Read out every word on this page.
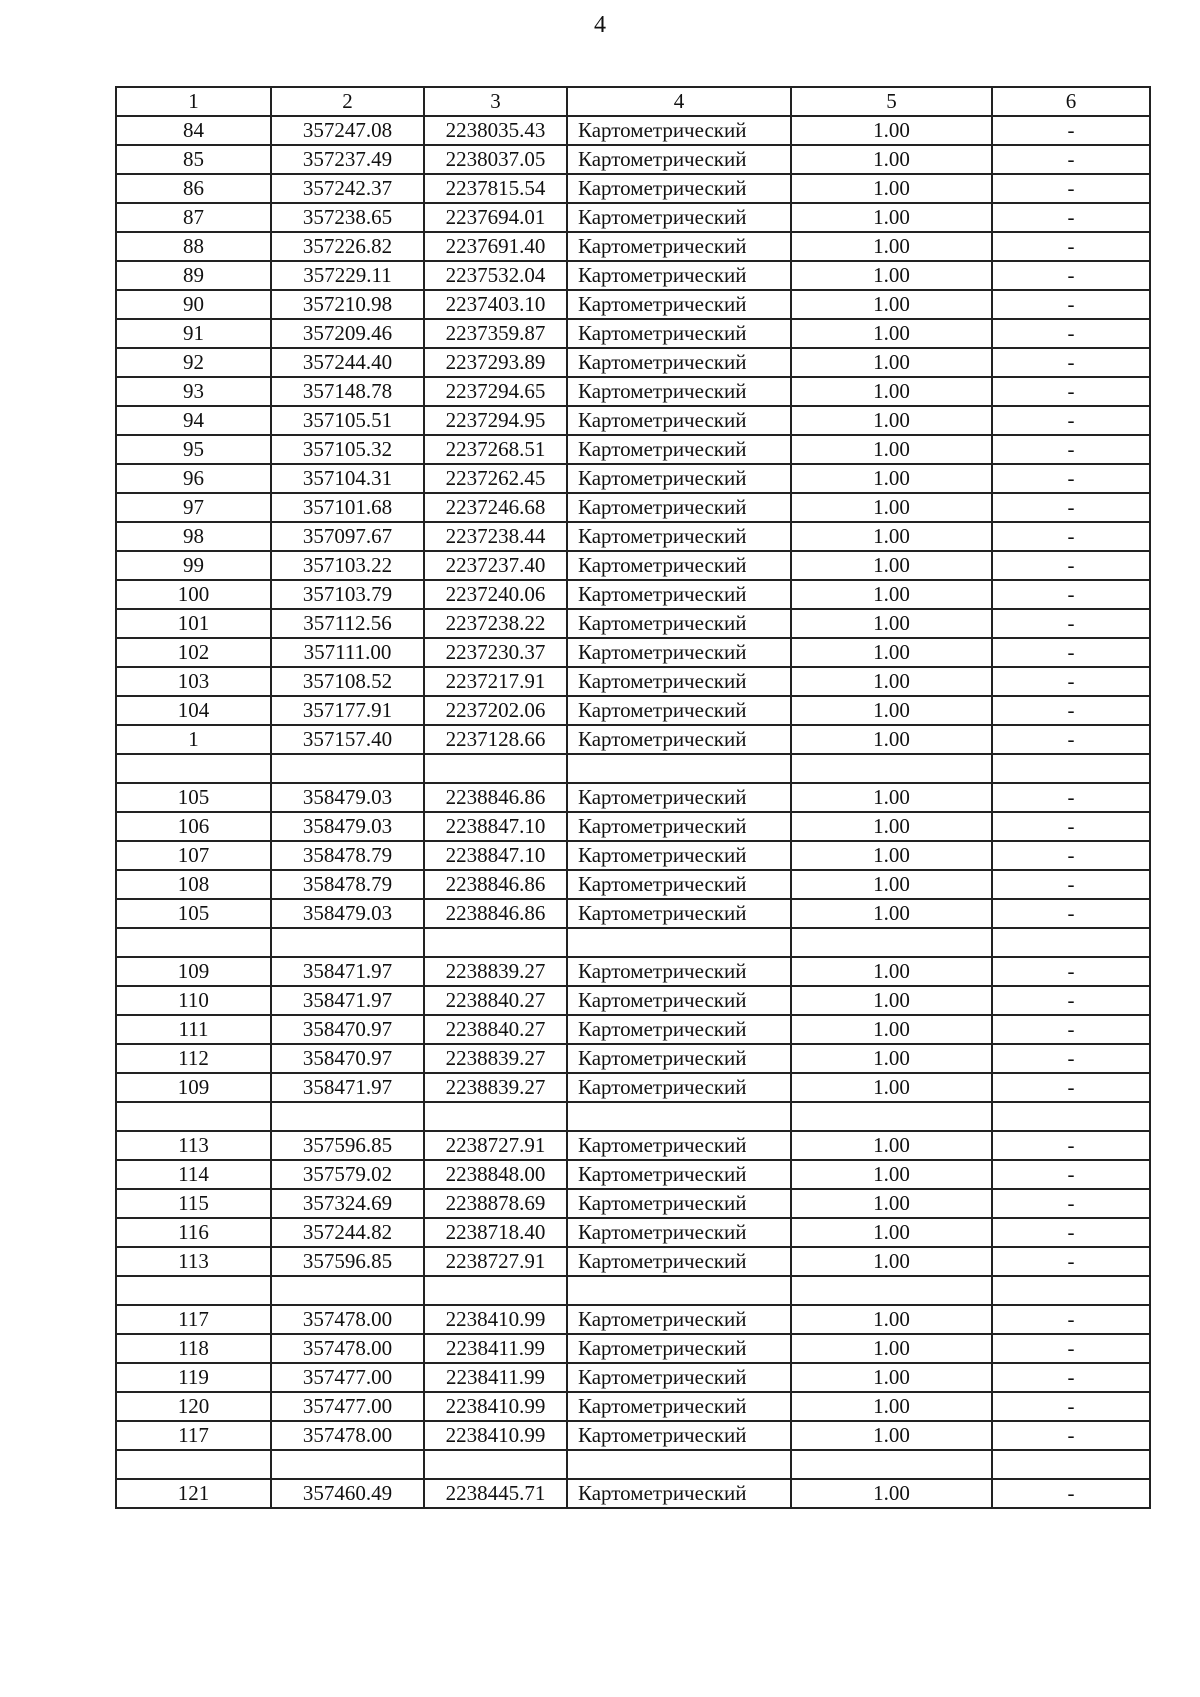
4
1	2	3	4	5	6
84	357247.08	2238035.43	Картометрический	1.00	-
85	357237.49	2238037.05	Картометрический	1.00	-
86	357242.37	2237815.54	Картометрический	1.00	-
87	357238.65	2237694.01	Картометрический	1.00	-
88	357226.82	2237691.40	Картометрический	1.00	-
89	357229.11	2237532.04	Картометрический	1.00	-
90	357210.98	2237403.10	Картометрический	1.00	-
91	357209.46	2237359.87	Картометрический	1.00	-
92	357244.40	2237293.89	Картометрический	1.00	-
93	357148.78	2237294.65	Картометрический	1.00	-
94	357105.51	2237294.95	Картометрический	1.00	-
95	357105.32	2237268.51	Картометрический	1.00	-
96	357104.31	2237262.45	Картометрический	1.00	-
97	357101.68	2237246.68	Картометрический	1.00	-
98	357097.67	2237238.44	Картометрический	1.00	-
99	357103.22	2237237.40	Картометрический	1.00	-
100	357103.79	2237240.06	Картометрический	1.00	-
101	357112.56	2237238.22	Картометрический	1.00	-
102	357111.00	2237230.37	Картометрический	1.00	-
103	357108.52	2237217.91	Картометрический	1.00	-
104	357177.91	2237202.06	Картометрический	1.00	-
1	357157.40	2237128.66	Картометрический	1.00	-

105	358479.03	2238846.86	Картометрический	1.00	-
106	358479.03	2238847.10	Картометрический	1.00	-
107	358478.79	2238847.10	Картометрический	1.00	-
108	358478.79	2238846.86	Картометрический	1.00	-
105	358479.03	2238846.86	Картометрический	1.00	-

109	358471.97	2238839.27	Картометрический	1.00	-
110	358471.97	2238840.27	Картометрический	1.00	-
111	358470.97	2238840.27	Картометрический	1.00	-
112	358470.97	2238839.27	Картометрический	1.00	-
109	358471.97	2238839.27	Картометрический	1.00	-

113	357596.85	2238727.91	Картометрический	1.00	-
114	357579.02	2238848.00	Картометрический	1.00	-
115	357324.69	2238878.69	Картометрический	1.00	-
116	357244.82	2238718.40	Картометрический	1.00	-
113	357596.85	2238727.91	Картометрический	1.00	-

117	357478.00	2238410.99	Картометрический	1.00	-
118	357478.00	2238411.99	Картометрический	1.00	-
119	357477.00	2238411.99	Картометрический	1.00	-
120	357477.00	2238410.99	Картометрический	1.00	-
117	357478.00	2238410.99	Картометрический	1.00	-

121	357460.49	2238445.71	Картометрический	1.00	-
